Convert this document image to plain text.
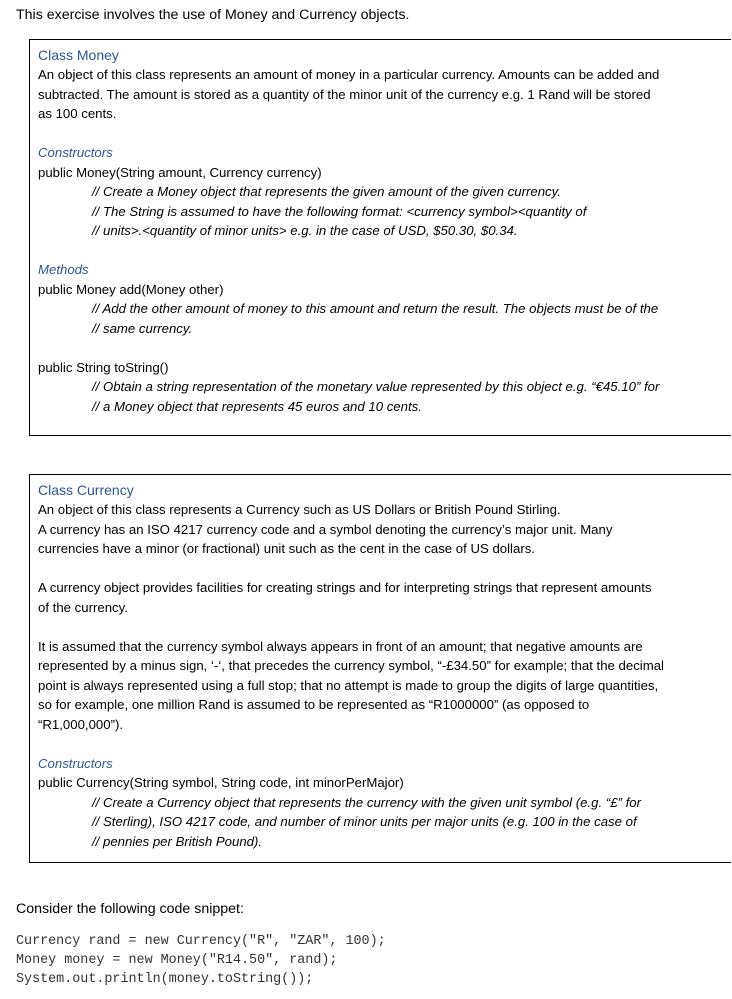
This exercise involves the use of Money and Currency objects.
Class Money
An object of this class represents an amount of money in a particular currency. Amounts can be added and
subtracted. The amount is stored as a quantity of the minor unit of the currency e.g. 1 Rand will be stored
as 100 cents.
Constructors
public Money(String amount, Currency currency)
// Create a Money object that represents the given amount of the given currency.
// The String is assumed to have the following format: <currency symbol><quantity of
// units>.<quantity of minor units> e.g. in the case of USD, $50.30, $0.34.
Methods
public Money add(Money other)
// Add the other amount of money to this amount and return the result. The objects must be of the
// same currency.
public String toString()
// Obtain a string representation of the monetary value represented by this object e.g. “€45.10” for
// a Money object that represents 45 euros and 10 cents.
Class Currency
An object of this class represents a Currency such as US Dollars or British Pound Stirling.
A currency has an ISO 4217 currency code and a symbol denoting the currency’s major unit. Many
currencies have a minor (or fractional) unit such as the cent in the case of US dollars.
A currency object provides facilities for creating strings and for interpreting strings that represent amounts
of the currency.
It is assumed that the currency symbol always appears in front of an amount; that negative amounts are
represented by a minus sign, ‘-‘, that precedes the currency symbol, “-£34.50” for example; that the decimal
point is always represented using a full stop; that no attempt is made to group the digits of large quantities,
so for example, one million Rand is assumed to be represented as “R1000000” (as opposed to
“R1,000,000”).
Constructors
public Currency(String symbol, String code, int minorPerMajor)
// Create a Currency object that represents the currency with the given unit symbol (e.g. “£” for
// Sterling), ISO 4217 code, and number of minor units per major units (e.g. 100 in the case of
// pennies per British Pound).
Consider the following code snippet:
Currency rand = new Currency("R", "ZAR", 100);
Money money = new Money("R14.50", rand);
System.out.println(money.toString());
